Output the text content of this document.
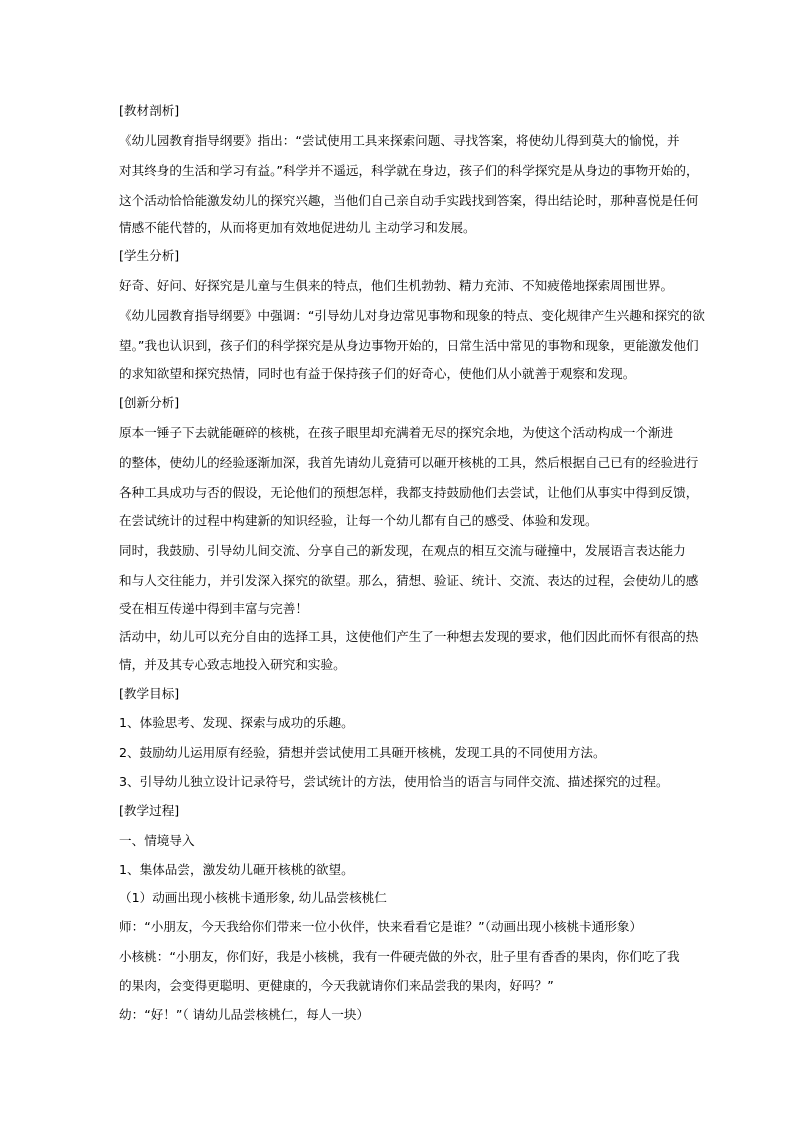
[教材剖析]
《幼儿园教育指导纲要》指出：“尝试使用工具来探索问题、寻找答案，将使幼儿得到莫大的愉悦，并
对其终身的生活和学习有益。”科学并不遥远，科学就在身边，孩子们的科学探究是从身边的事物开始的，
这个活动恰恰能激发幼儿的探究兴趣，当他们自己亲自动手实践找到答案，得出结论时，那种喜悦是任何
情感不能代替的，从而将更加有效地促进幼儿 主动学习和发展。
[学生分析]
好奇、好问、好探究是儿童与生俱来的特点，他们生机勃勃、精力充沛、不知疲倦地探索周围世界。
《幼儿园教育指导纲要》中强调：“引导幼儿对身边常见事物和现象的特点、变化规律产生兴趣和探究的欲
望。”我也认识到，孩子们的科学探究是从身边事物开始的，日常生活中常见的事物和现象，更能激发他们
的求知欲望和探究热情，同时也有益于保持孩子们的好奇心，使他们从小就善于观察和发现。
[创新分析]
原本一锤子下去就能砸碎的核桃，在孩子眼里却充满着无尽的探究余地，为使这个活动构成一个渐进
的整体，使幼儿的经验逐渐加深，我首先请幼儿竟猜可以砸开核桃的工具，然后根据自己已有的经验进行
各种工具成功与否的假设，无论他们的预想怎样，我都支持鼓励他们去尝试，让他们从事实中得到反馈，
在尝试统计的过程中构建新的知识经验，让每一个幼儿都有自己的感受、体验和发现。
同时，我鼓励、引导幼儿间交流、分享自己的新发现，在观点的相互交流与碰撞中，发展语言表达能力
和与人交往能力，并引发深入探究的欲望。那么，猜想、验证、统计、交流、表达的过程，会使幼儿的感
受在相互传递中得到丰富与完善！
活动中，幼儿可以充分自由的选择工具，这使他们产生了一种想去发现的要求，他们因此而怀有很高的热
情，并及其专心致志地投入研究和实验。
[教学目标]
1、体验思考、发现、探索与成功的乐趣。
2、鼓励幼儿运用原有经验，猜想并尝试使用工具砸开核桃，发现工具的不同使用方法。
3、引导幼儿独立设计记录符号，尝试统计的方法，使用恰当的语言与同伴交流、描述探究的过程。
[教学过程]
一、情境导入
1、集体品尝，激发幼儿砸开核桃的欲望。
（1）动画出现小核桃卡通形象, 幼儿品尝核桃仁
师：“小朋友，今天我给你们带来一位小伙伴，快来看看它是谁？”（动画出现小核桃卡通形象）
小核桃：“小朋友，你们好，我是小核桃，我有一件硬壳做的外衣，肚子里有香香的果肉，你们吃了我
的果肉，会变得更聪明、更健康的，今天我就请你们来品尝我的果肉，好吗？”
幼：“好！”（ 请幼儿品尝核桃仁，每人一块）
